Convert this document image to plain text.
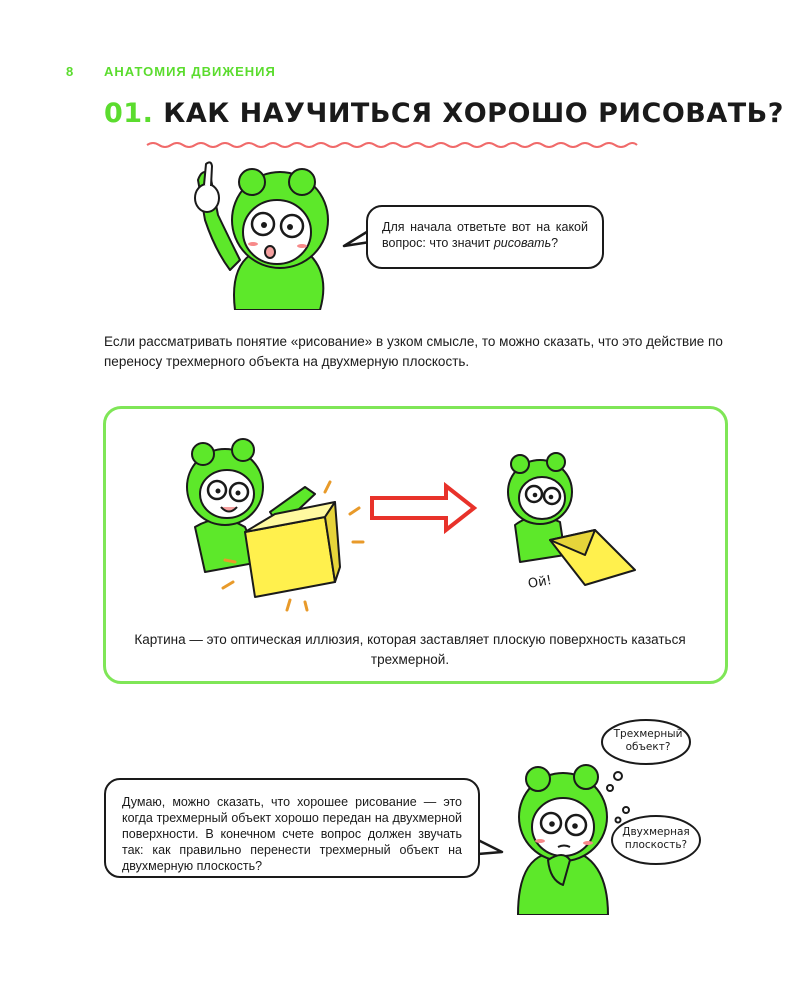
8 АНАТОМИЯ ДВИЖЕНИЯ
01. КАК НАУЧИТЬСЯ ХОРОШО РИСОВАТЬ?
Для начала ответьте вот на какой вопрос: что значит рисовать?
Если рассматривать понятие «рисование» в узком смысле, то можно сказать, что это действие по переносу трехмерного объекта на двухмерную плоскость.
Ой!
Картина — это оптическая иллюзия, которая заставляет плоскую поверхность казаться трехмерной.
Думаю, можно сказать, что хорошее рисование — это когда трехмерный объект хорошо передан на двухмерной поверхности. В конечном счете вопрос должен звучать так: как правильно перенести трехмерный объект на двухмерную плоскость?
Трехмерный объект?
Двухмерная плоскость?
